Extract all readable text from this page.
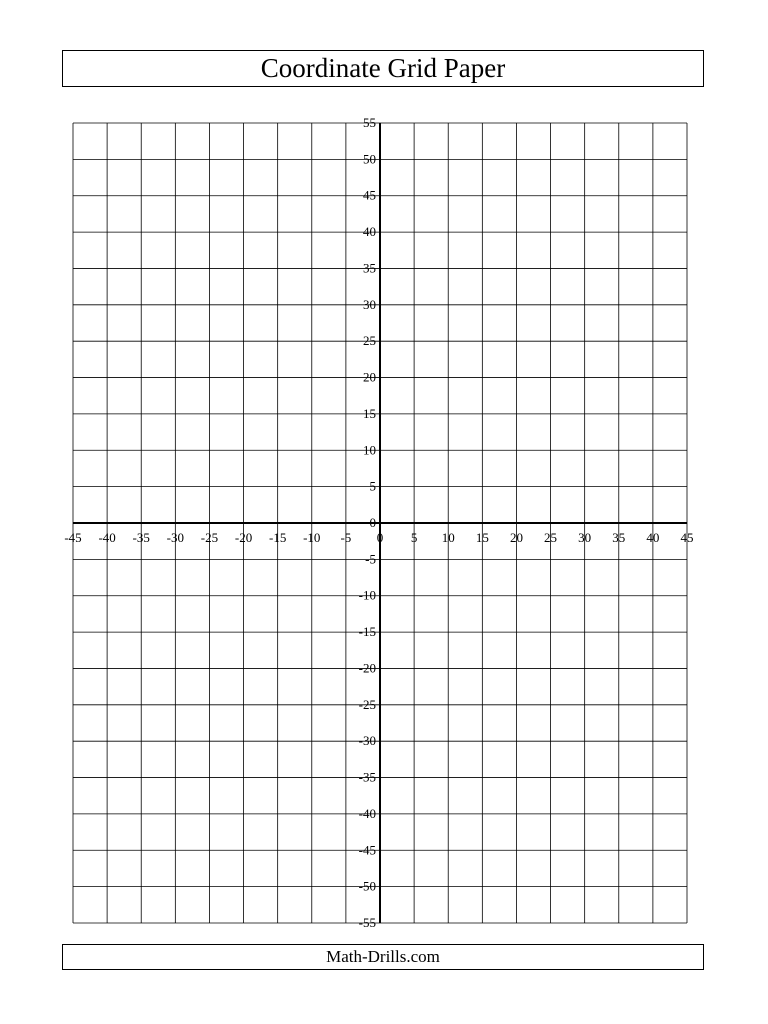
Coordinate Grid Paper
-45 -40 -35 -30 -25 -20 -15 -10 -5 0 5 10 15 20 25 30 35 40 45
55
50
45
40
35
30
25
20
15
10
5
0
-5
-10
-15
-20
-25
-30
-35
-40
-45
-50
-55
Math-Drills.com
